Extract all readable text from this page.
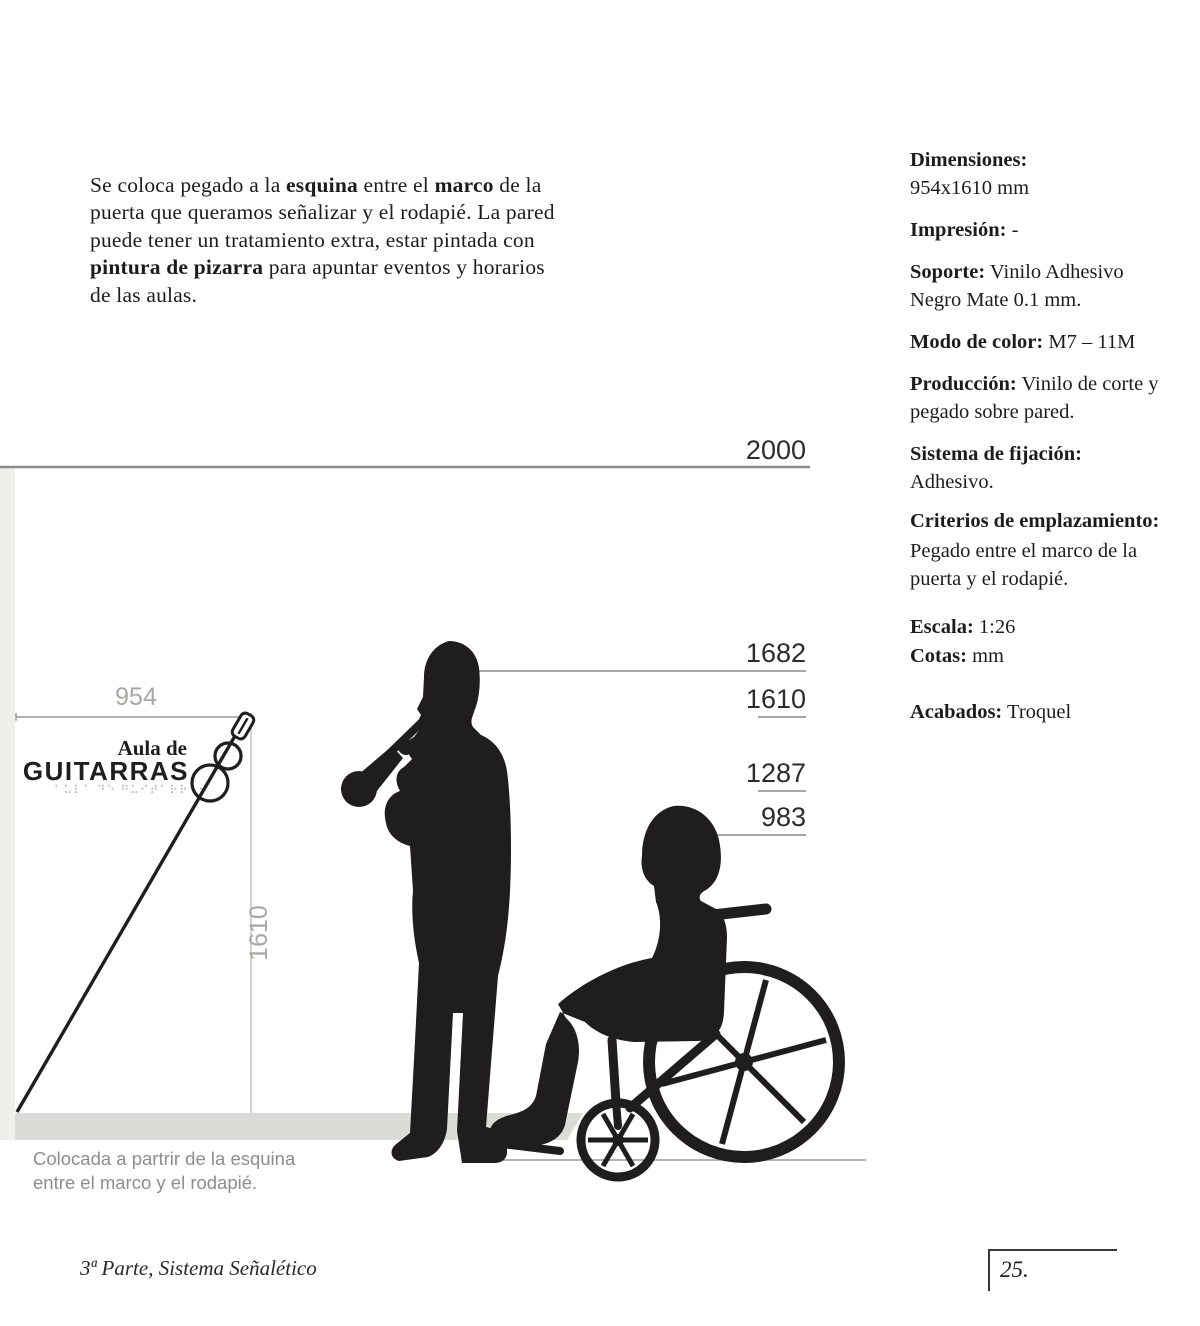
Se coloca pegado a la esquina entre el marco de la puerta que queramos señalizar y el rodapié. La pared puede tener un tratamiento extra, estar pintada con pintura de pizarra para apuntar eventos y horarios de las aulas.

Dimensiones:
954x1610 mm

Impresión: -

Soporte: Vinilo Adhesivo Negro Mate 0.1 mm.

Modo de color: M7 – 11M

Producción: Vinilo de corte y pegado sobre pared.

Sistema de fijación:
Adhesivo.

Criterios de emplazamiento:
Pegado entre el marco de la puerta y el rodapié.

Escala: 1:26

Cotas: mm

Acabados: Troquel

2000
1682
1610
1287
983
954
1610
Aula de
GUITARRAS
⠁⠥⠇⠁ ⠙⠑ ⠛⠥⠊⠞⠁⠗⠗⠁⠎
Colocada a partrir de la esquina
entre el marco y el rodapié.
3ª Parte, Sistema Señalético	25.
